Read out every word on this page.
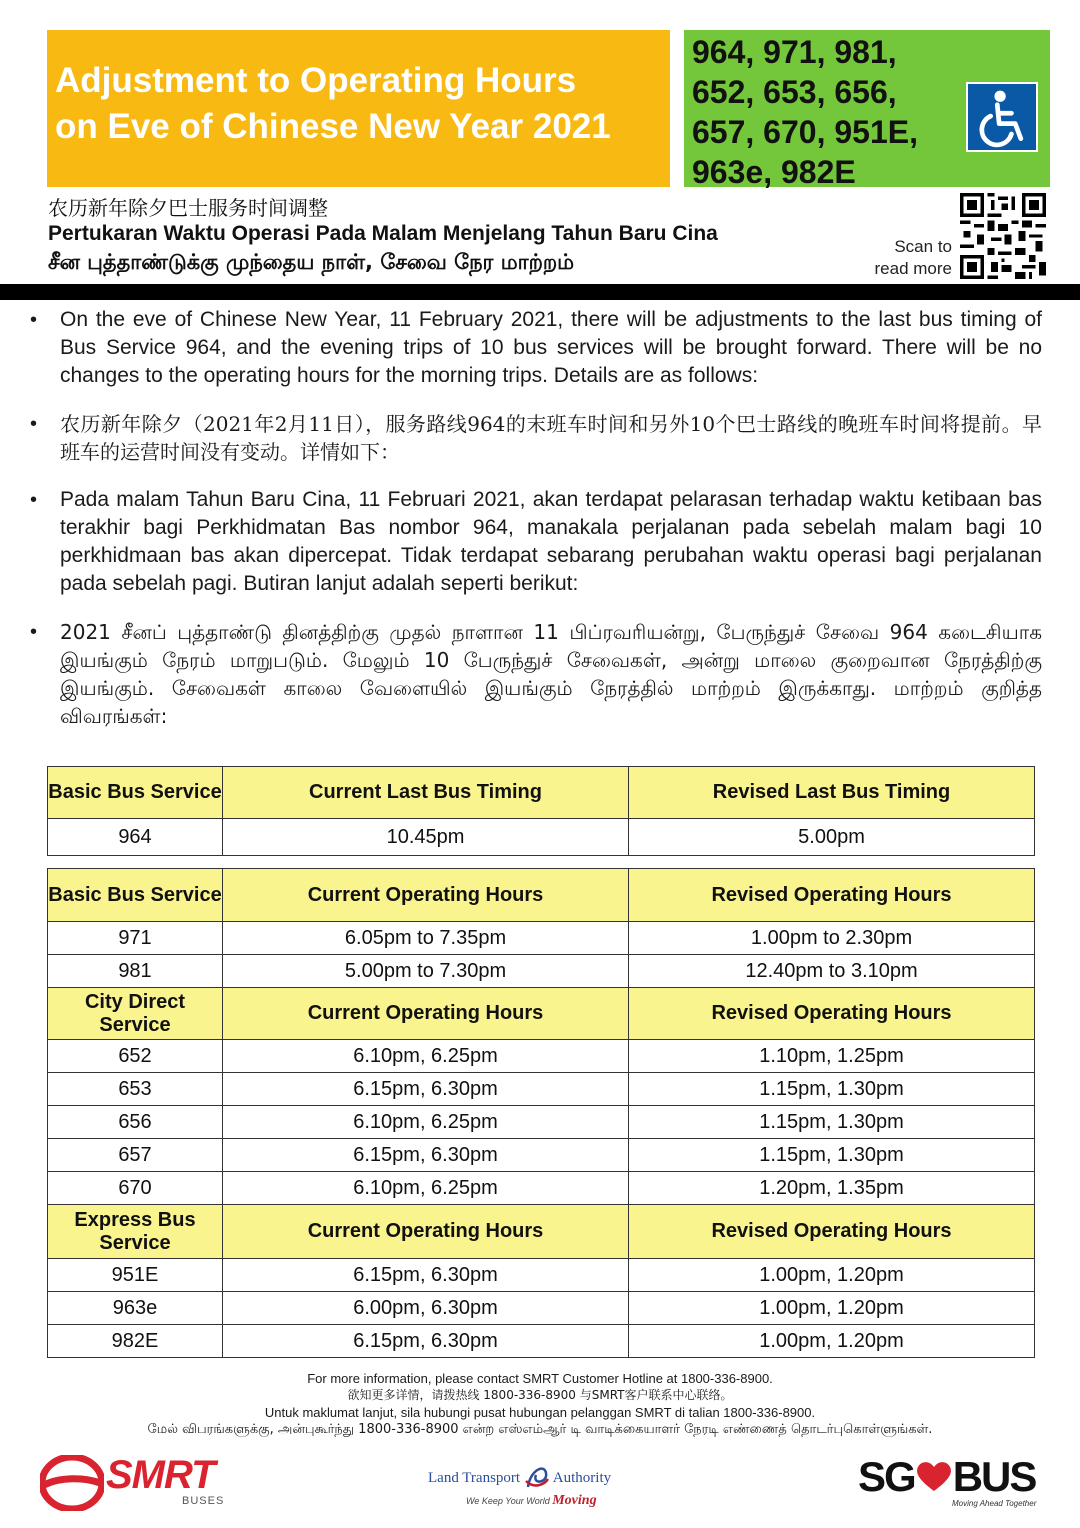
Adjustment to Operating Hours
on Eve of Chinese New Year 2021
964, 971, 981,
652, 653, 656,
657, 670, 951E,
963e, 982E
农历新年除夕巴士服务时间调整
Pertukaran Waktu Operasi Pada Malam Menjelang Tahun Baru Cina
சீன புத்தாண்டுக்கு முந்தைய நாள், சேவை நேர மாற்றம்
Scan to
read more
• On the eve of Chinese New Year, 11 February 2021, there will be adjustments to the last bus timing of Bus Service 964, and the evening trips of 10 bus services will be brought forward. There will be no changes to the operating hours for the morning trips. Details are as follows:
• 农历新年除夕（2021年2月11日），服务路线964的末班车时间和另外10个巴士路线的晚班车时间将提前。早班车的运营时间没有变动。详情如下：
• Pada malam Tahun Baru Cina, 11 Februari 2021, akan terdapat pelarasan terhadap waktu ketibaan bas terakhir bagi Perkhidmatan Bas nombor 964, manakala perjalanan pada sebelah malam bagi 10 perkhidmaan bas akan dipercepat. Tidak terdapat sebarang perubahan waktu operasi bagi perjalanan pada sebelah pagi. Butiran lanjut adalah seperti berikut:
• 2021 சீனப் புத்தாண்டு தினத்திற்கு முதல் நாளான 11 பிப்ரவரியன்று, பேருந்துச் சேவை 964 கடைசியாக இயங்கும் நேரம் மாறுபடும். மேலும் 10 பேருந்துச் சேவைகள், அன்று மாலை குறைவான நேரத்திற்கு இயங்கும். சேவைகள் காலை வேளையில் இயங்கும் நேரத்தில் மாற்றம் இருக்காது. மாற்றம் குறித்த விவரங்கள்:
Basic Bus Service	Current Last Bus Timing	Revised Last Bus Timing
964	10.45pm	5.00pm
Basic Bus Service	Current Operating Hours	Revised Operating Hours
971	6.05pm to 7.35pm	1.00pm to 2.30pm
981	5.00pm to 7.30pm	12.40pm to 3.10pm
City Direct Service	Current Operating Hours	Revised Operating Hours
652	6.10pm, 6.25pm	1.10pm, 1.25pm
653	6.15pm, 6.30pm	1.15pm, 1.30pm
656	6.10pm, 6.25pm	1.15pm, 1.30pm
657	6.15pm, 6.30pm	1.15pm, 1.30pm
670	6.10pm, 6.25pm	1.20pm, 1.35pm
Express Bus Service	Current Operating Hours	Revised Operating Hours
951E	6.15pm, 6.30pm	1.00pm, 1.20pm
963e	6.00pm, 6.30pm	1.00pm, 1.20pm
982E	6.15pm, 6.30pm	1.00pm, 1.20pm
For more information, please contact SMRT Customer Hotline at 1800-336-8900.
欲知更多详情，请拨热线 1800-336-8900 与SMRT客户联系中心联络。
Untuk maklumat lanjut, sila hubungi pusat hubungan pelanggan SMRT di talian 1800-336-8900.
மேல் விபரங்களுக்கு, அன்புகூர்ந்து 1800-336-8900 என்ற எஸ்எம்ஆர் டி வாடிக்கையாளர் நேரடி எண்ணைத் தொடர்புகொள்ளுங்கள்.
SMRT
BUSES
Land Transport Authority
We Keep Your World Moving
SG BUS
Moving Ahead Together
